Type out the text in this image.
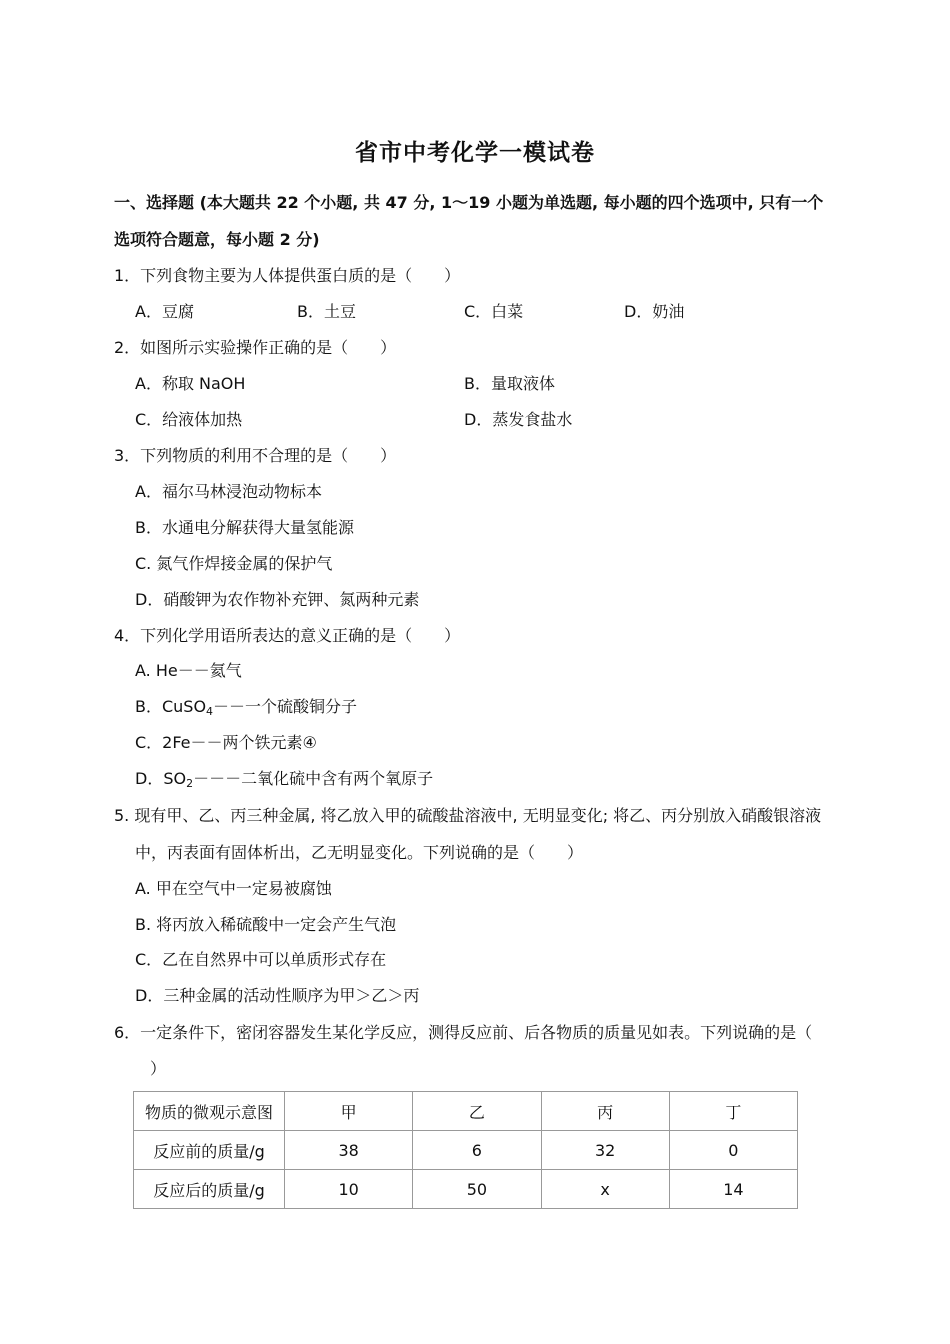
省市中考化学一模试卷
一、选择题 (本大题共 22 个小题, 共 47 分, 1～19 小题为单选题, 每小题的四个选项中, 只有一个
选项符合题意，每小题 2 分)
1．下列食物主要为人体提供蛋白质的是（　　）
A．豆腐	B．土豆	C．白菜	D．奶油
2．如图所示实验操作正确的是（　　）
A．称取 NaOH	B．量取液体
C．给液体加热	D．蒸发食盐水
3．下列物质的利用不合理的是（　　）
A．福尔马林浸泡动物标本
B．水通电分解获得大量氢能源
C. 氮气作焊接金属的保护气
D．硝酸钾为农作物补充钾、氮两种元素
4．下列化学用语所表达的意义正确的是（　　）
A. He－－氦气
B．CuSO$_4$－－一个硫酸铜分子
C．2Fe－－两个铁元素④
D．$SO_2---$二氧化硫中含有两个氧原子
5. 现有甲、乙、丙三种金属, 将乙放入甲的硫酸盐溶液中, 无明显变化; 将乙、丙分别放入硝酸银溶液
中，丙表面有固体析出，乙无明显变化。下列说确的是（　　）
A. 甲在空气中一定易被腐蚀
B. 将丙放入稀硫酸中一定会产生气泡
C．乙在自然界中可以单质形式存在
D．三种金属的活动性顺序为甲＞乙＞丙
6．一定条件下，密闭容器发生某化学反应，测得反应前、后各物质的质量见如表。下列说确的是（
）
物质的微观示意图	甲	乙	丙	丁
反应前的质量/g	38	6	32	0
反应后的质量/g	10	50	x	14
